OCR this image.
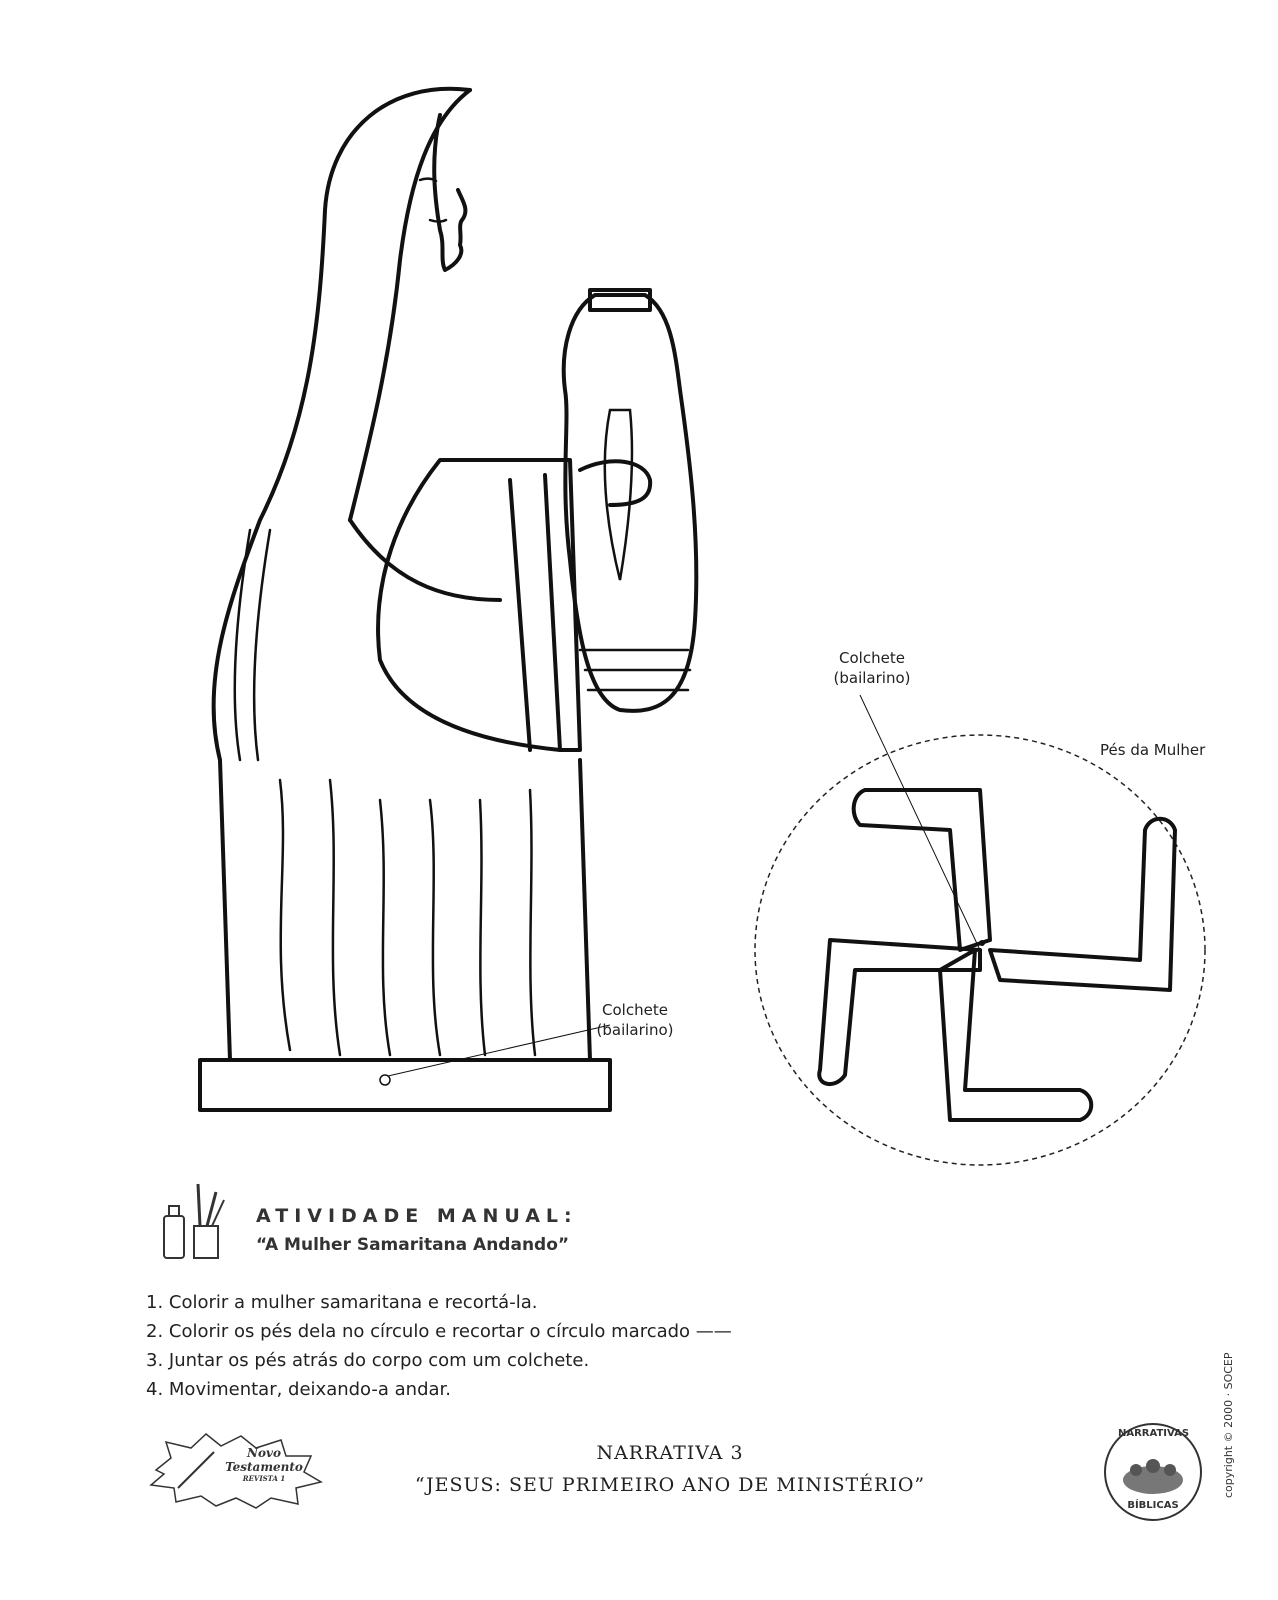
Colchete
(bailarino)
Colchete
(bailarino)
Pés da Mulher
ATIVIDADE MANUAL:
“A Mulher Samaritana Andando”
1. Colorir a mulher samaritana e recortá-la.
2. Colorir os pés dela no círculo e recortar o círculo marcado ——
3. Juntar os pés atrás do corpo com um colchete.
4. Movimentar, deixando-a andar.
Novo
Testamento
REVISTA 1
NARRATIVA 3
“JESUS: SEU PRIMEIRO ANO DE MINISTÉRIO”
NARRATIVAS
BÍBLICAS
copyright © 2000 · SOCEP
